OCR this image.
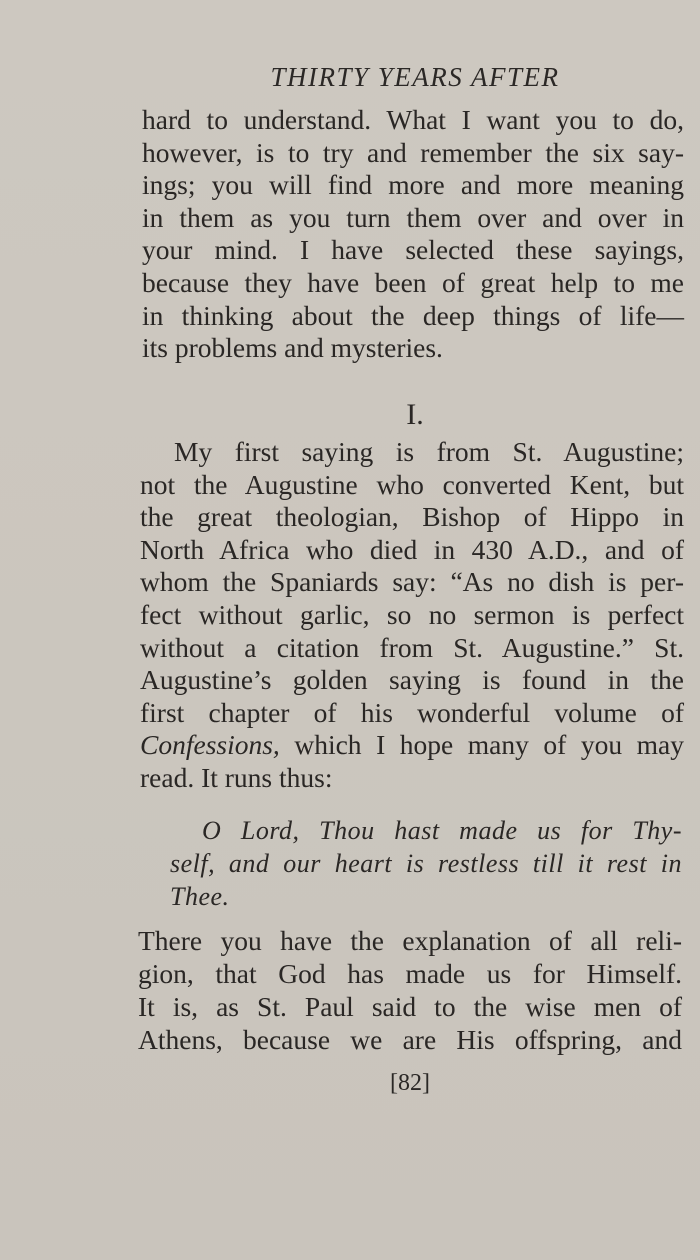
THIRTY YEARS AFTER
hard to understand. What I want you to do,
however, is to try and remember the six say-
ings; you will find more and more meaning
in them as you turn them over and over in
your mind. I have selected these sayings,
because they have been of great help to me
in thinking about the deep things of life—
its problems and mysteries.
I.
My first saying is from St. Augustine;
not the Augustine who converted Kent, but
the great theologian, Bishop of Hippo in
North Africa who died in 430 A.D., and of
whom the Spaniards say: “As no dish is per-
fect without garlic, so no sermon is perfect
without a citation from St. Augustine.” St.
Augustine’s golden saying is found in the
first chapter of his wonderful volume of
Confessions, which I hope many of you may
read. It runs thus:
O Lord, Thou hast made us for Thy-
self, and our heart is restless till it rest in
Thee.
There you have the explanation of all reli-
gion, that God has made us for Himself.
It is, as St. Paul said to the wise men of
Athens, because we are His offspring, and
[82]
